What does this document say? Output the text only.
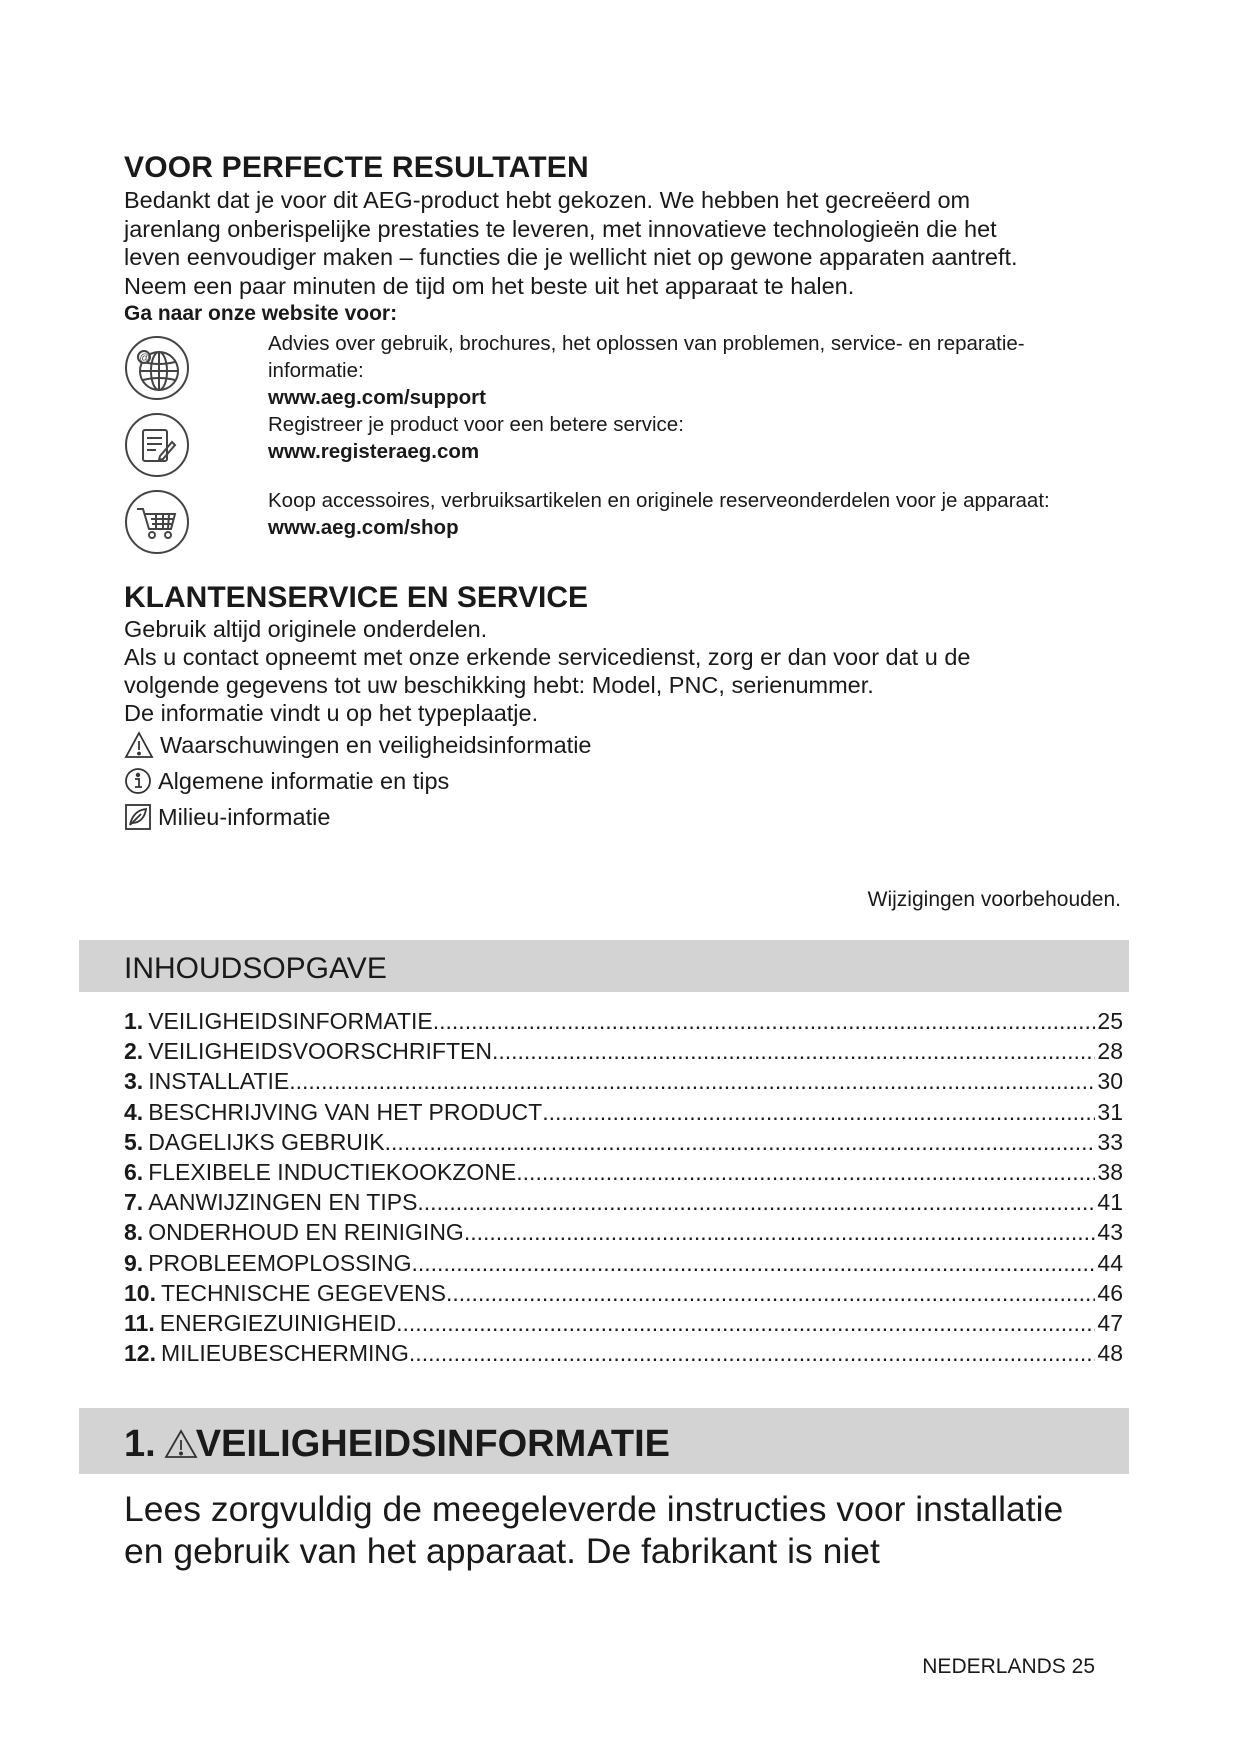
VOOR PERFECTE RESULTATEN
Bedankt dat je voor dit AEG-product hebt gekozen. We hebben het gecreëerd om
jarenlang onberispelijke prestaties te leveren, met innovatieve technologieën die het
leven eenvoudiger maken – functies die je wellicht niet op gewone apparaten aantreft.
Neem een paar minuten de tijd om het beste uit het apparaat te halen.
Ga naar onze website voor:
@
Advies over gebruik, brochures, het oplossen van problemen, service- en reparatie-
informatie:
www.aeg.com/support
Registreer je product voor een betere service:
www.registeraeg.com
Koop accessoires, verbruiksartikelen en originele reserveonderdelen voor je apparaat:
www.aeg.com/shop
KLANTENSERVICE EN SERVICE
Gebruik altijd originele onderdelen.
Als u contact opneemt met onze erkende servicedienst, zorg er dan voor dat u de
volgende gegevens tot uw beschikking hebt: Model, PNC, serienummer.
De informatie vindt u op het typeplaatje.
Waarschuwingen en veiligheidsinformatie
Algemene informatie en tips
Milieu-informatie
Wijzigingen voorbehouden.
INHOUDSOPGAVE
1. VEILIGHEIDSINFORMATIE .....	25
2. VEILIGHEIDSVOORSCHRIFTEN .....	28
3. INSTALLATIE .....	30
4. BESCHRIJVING VAN HET PRODUCT .....	31
5. DAGELIJKS GEBRUIK .....	33
6. FLEXIBELE INDUCTIEKOOKZONE .....	38
7. AANWIJZINGEN EN TIPS .....	41
8. ONDERHOUD EN REINIGING .....	43
9. PROBLEEMOPLOSSING .....	44
10. TECHNISCHE GEGEVENS .....	46
11. ENERGIEZUINIGHEID .....	47
12. MILIEUBESCHERMING .....	48
1. VEILIGHEIDSINFORMATIE
Lees zorgvuldig de meegeleverde instructies voor installatie
en gebruik van het apparaat. De fabrikant is niet
NEDERLANDS 25
